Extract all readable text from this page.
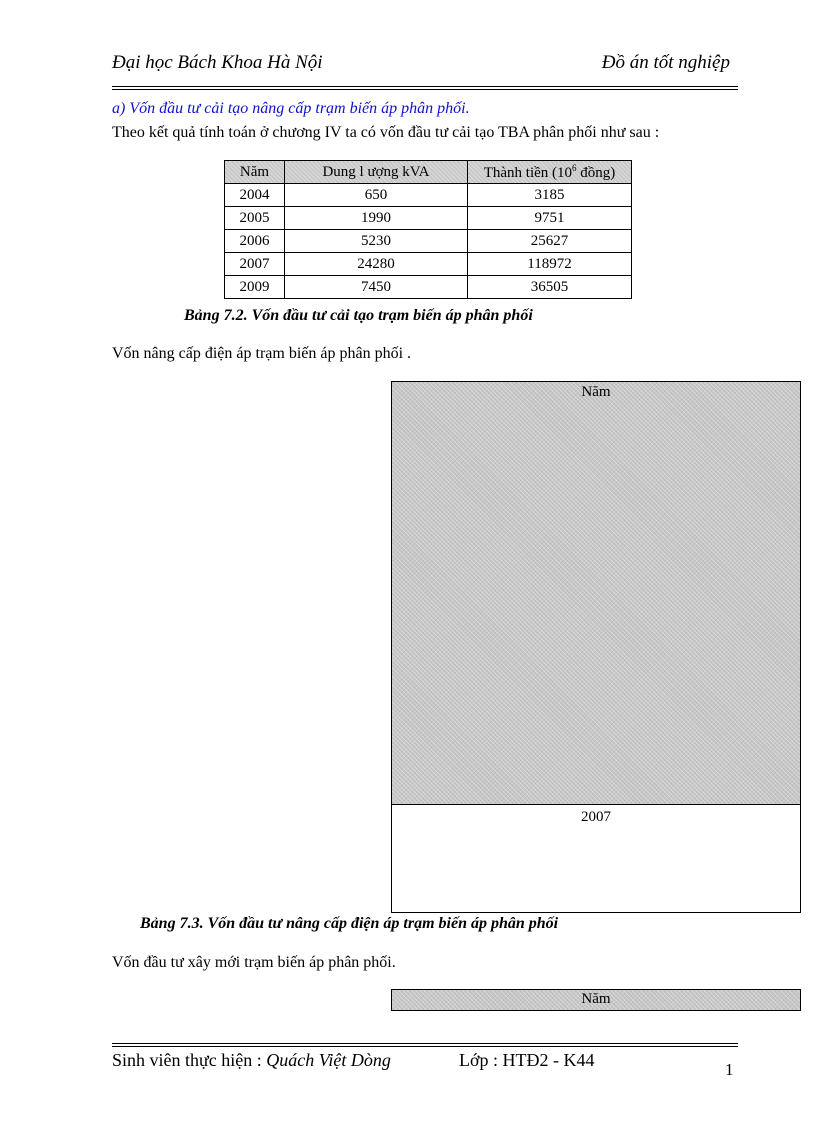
Đại học Bách Khoa Hà Nội	Đồ án tốt nghiệp
a) Vốn đầu tư cải tạo nâng cấp trạm biến áp phân phối.
Theo kết quả tính toán ở chương IV ta có vốn đầu tư cải tạo TBA phân phối như sau :
Năm	Dung l ượng kVA	Thành tiền ($10^6$ đồng)
2004	650	3185
2005	1990	9751
2006	5230	25627
2007	24280	118972
2009	7450	36505
Bảng 7.2. Vốn đầu tư cải tạo trạm biến áp phân phối
Vốn nâng cấp điện áp trạm biến áp phân phối .
Năm
2007
Bảng 7.3. Vốn đầu tư nâng cấp điện áp trạm biến áp phân phối
Vốn đầu tư xây mới trạm biến áp phân phối.
Năm
Sinh viên thực hiện : Quách Việt Dòng	Lớp : HTĐ2 - K44	1
